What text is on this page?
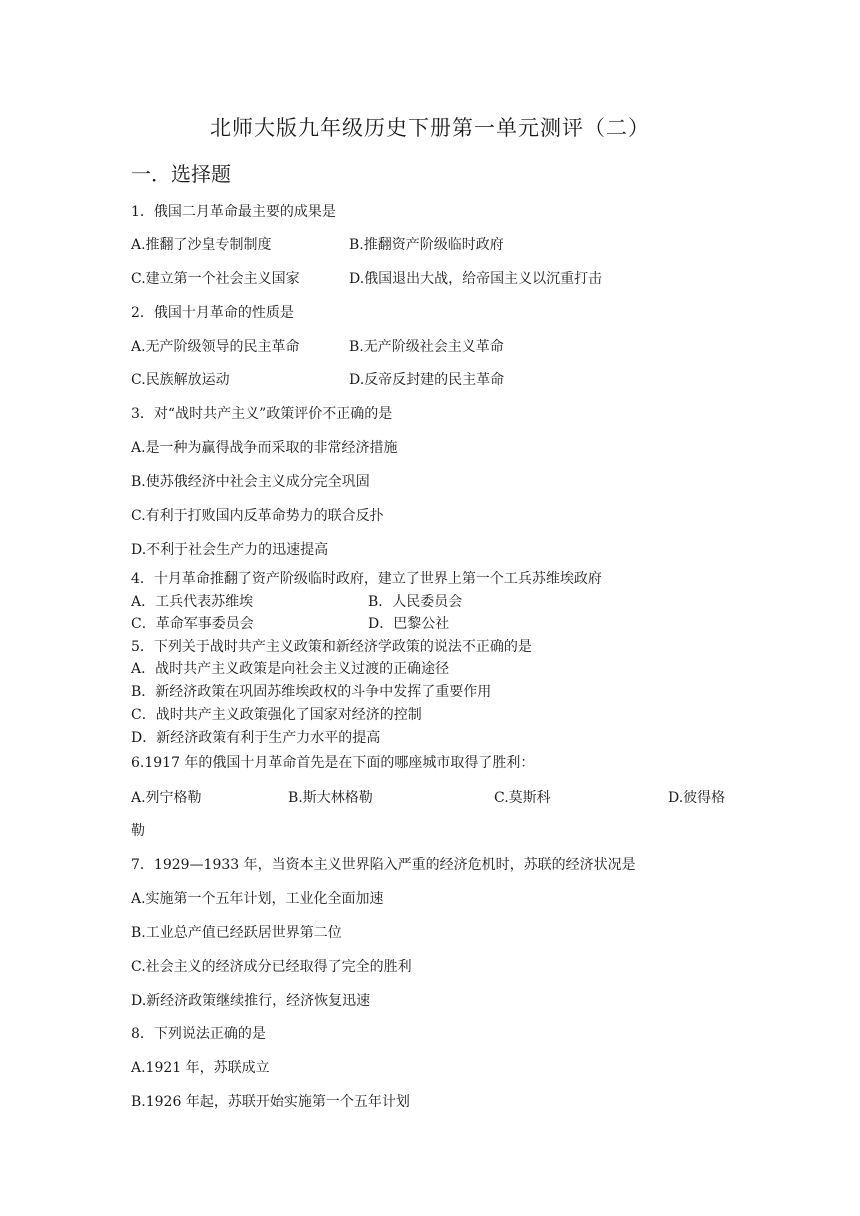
北师大版九年级历史下册第一单元测评（二）
一．选择题
1．俄国二月革命最主要的成果是
A.推翻了沙皇专制制度	B.推翻资产阶级临时政府
C.建立第一个社会主义国家	D.俄国退出大战，给帝国主义以沉重打击
2．俄国十月革命的性质是
A.无产阶级领导的民主革命	B.无产阶级社会主义革命
C.民族解放运动	D.反帝反封建的民主革命
3．对“战时共产主义”政策评价不正确的是
A.是一种为赢得战争而采取的非常经济措施
B.使苏俄经济中社会主义成分完全巩固
C.有利于打败国内反革命势力的联合反扑
D.不利于社会生产力的迅速提高
4．十月革命推翻了资产阶级临时政府，建立了世界上第一个工兵苏维埃政府
A．工兵代表苏维埃	B．人民委员会
C．革命军事委员会	D．巴黎公社
5．下列关于战时共产主义政策和新经济学政策的说法不正确的是
A．战时共产主义政策是向社会主义过渡的正确途径
B．新经济政策在巩固苏维埃政权的斗争中发挥了重要作用
C．战时共产主义政策强化了国家对经济的控制
D．新经济政策有利于生产力水平的提高
6.1917 年的俄国十月革命首先是在下面的哪座城市取得了胜利：
A.列宁格勒	B.斯大林格勒	C.莫斯科	D.彼得格
勒
7．1929—1933 年，当资本主义世界陷入严重的经济危机时，苏联的经济状况是
A.实施第一个五年计划，工业化全面加速
B.工业总产值已经跃居世界第二位
C.社会主义的经济成分已经取得了完全的胜利
D.新经济政策继续推行，经济恢复迅速
8．下列说法正确的是
A.1921 年，苏联成立
B.1926 年起，苏联开始实施第一个五年计划
